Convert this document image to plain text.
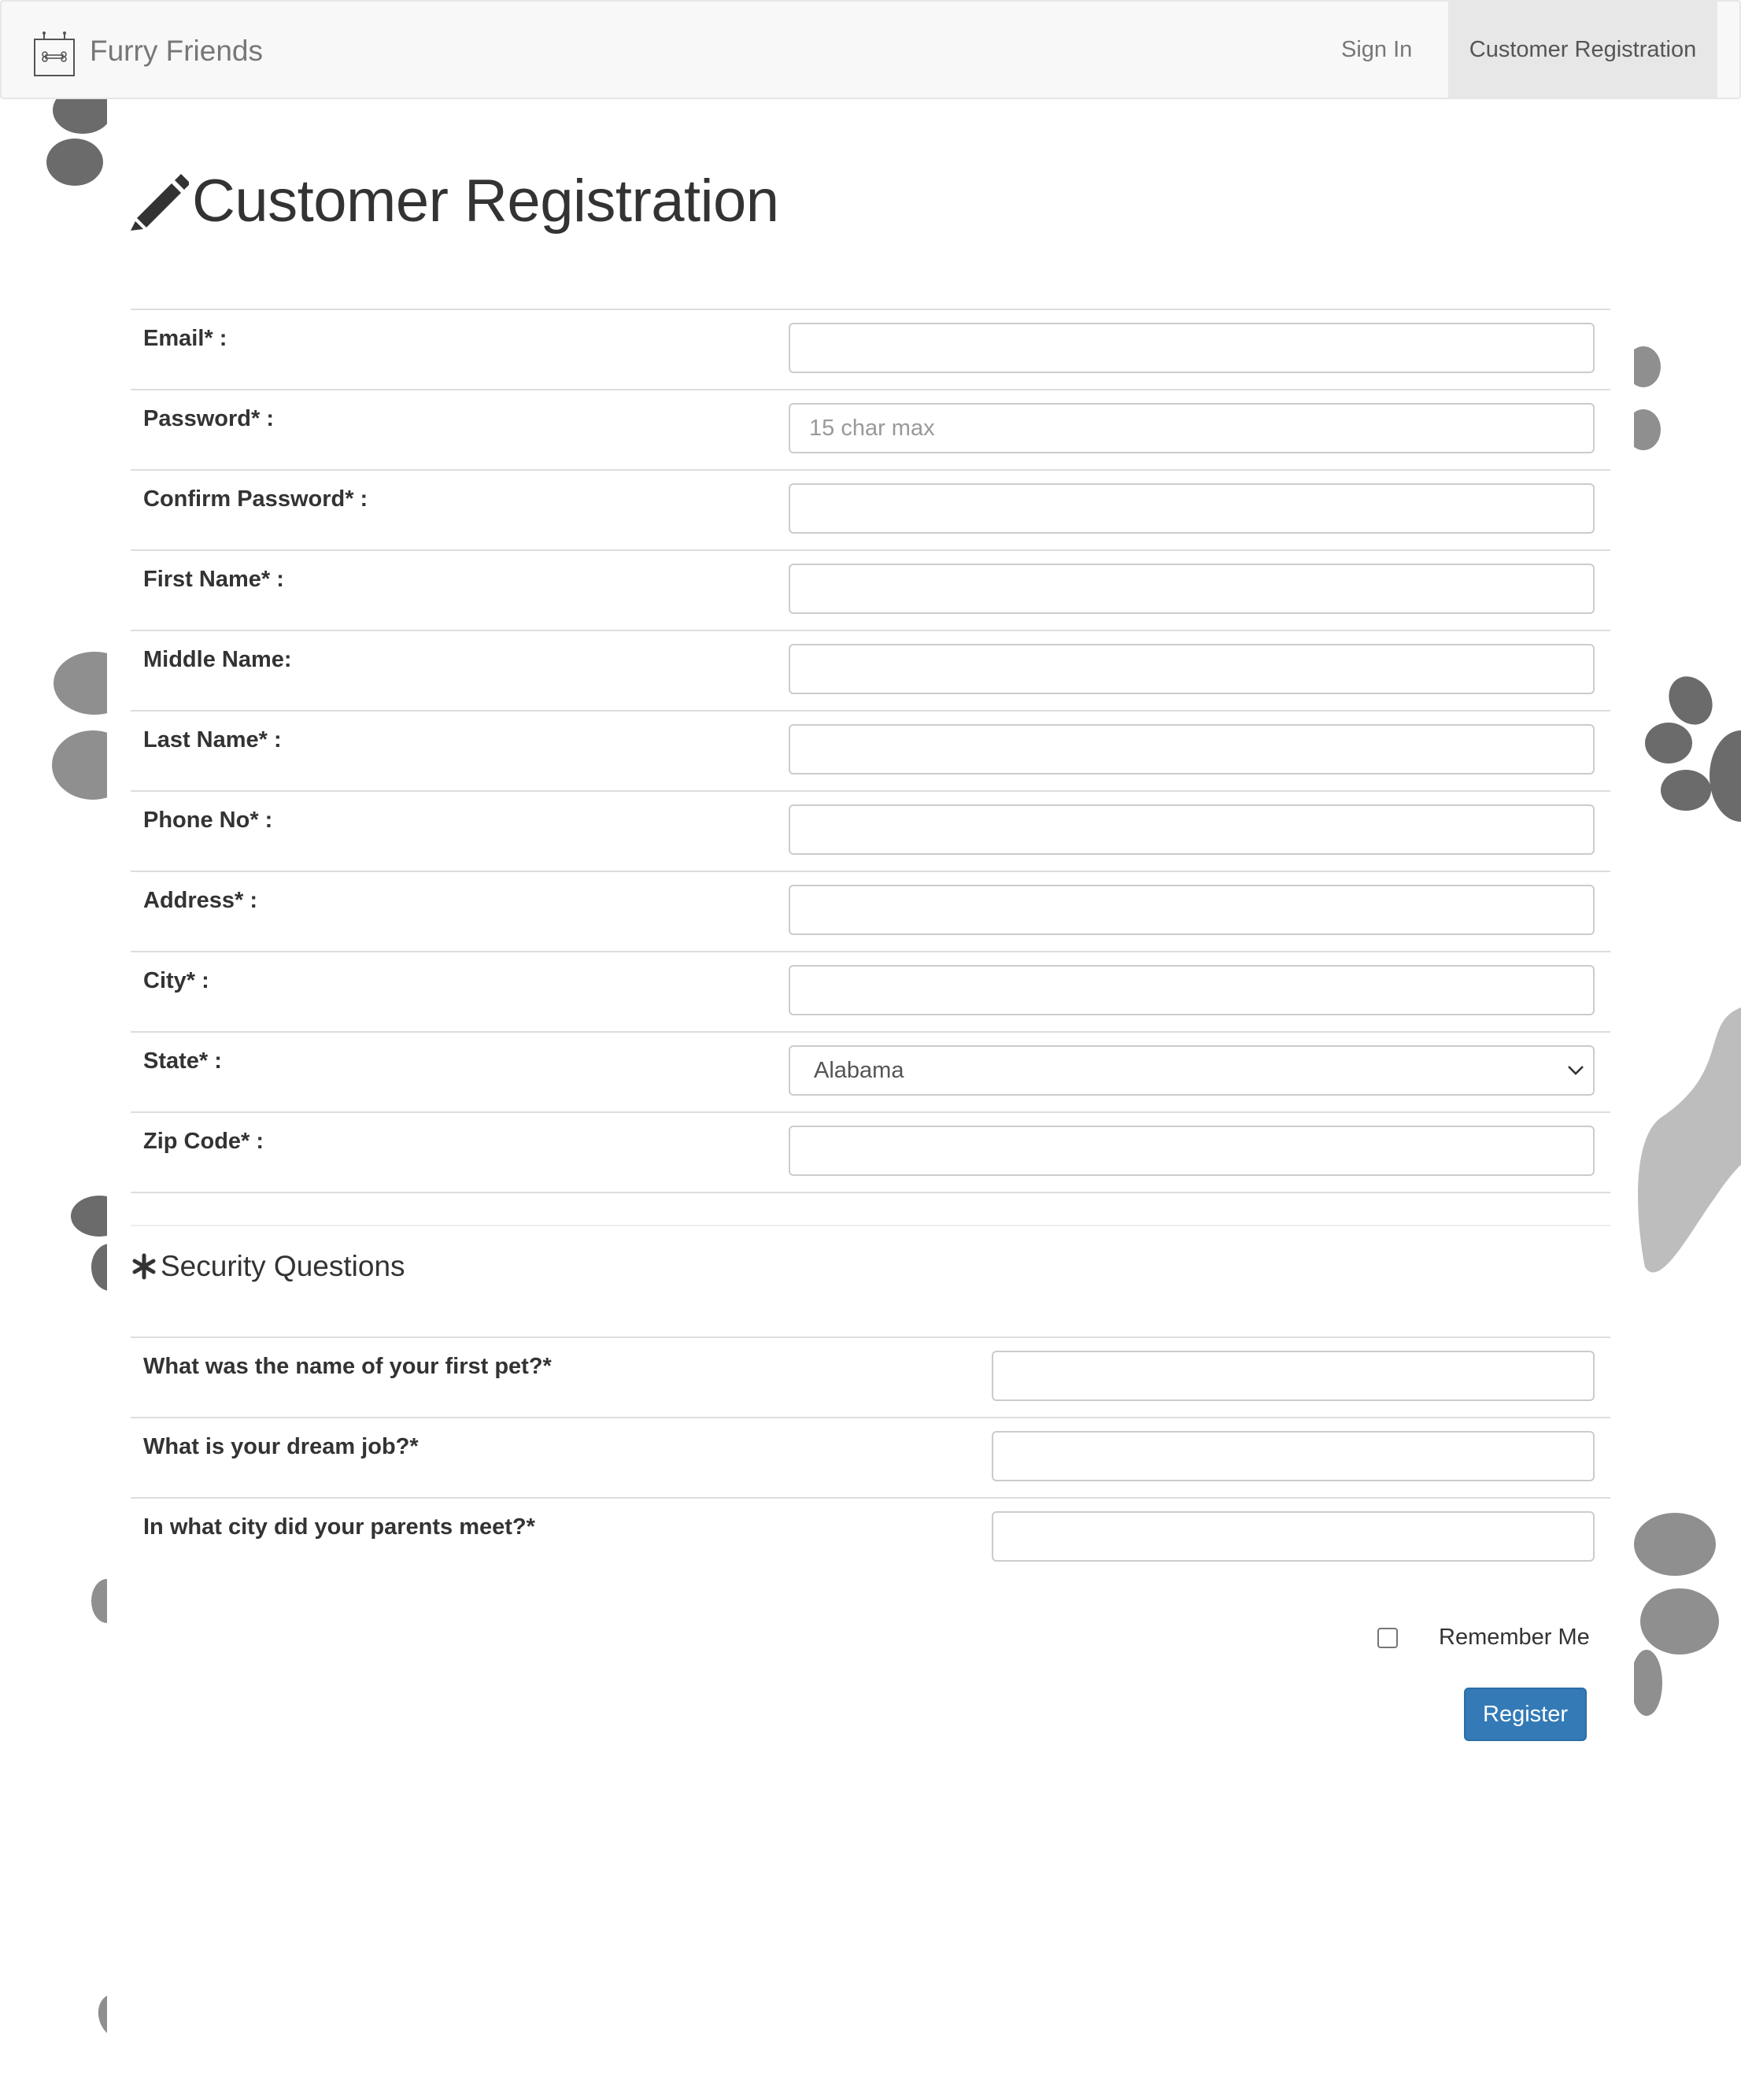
Furry Friends	Sign In	Customer Registration
Customer Registration
Email* :
Password* :
15 char max
Confirm Password* :
First Name* :
Middle Name:
Last Name* :
Phone No* :
Address* :
City* :
State* :
Alabama
Zip Code* :
Security Questions
What was the name of your first pet?*
What is your dream job?*
In what city did your parents meet?*
Remember Me
Register
